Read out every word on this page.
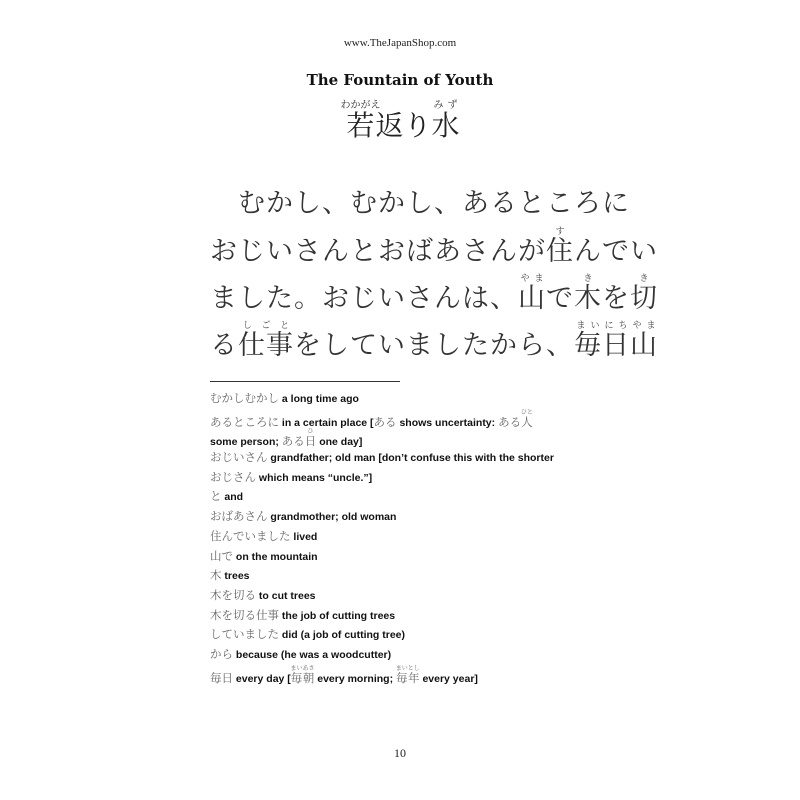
www.TheJapanShop.com
The Fountain of Youth
若わかがえ返り水みず
　むかし、むかし、あるところに
おじいさんとおばあさんが住すんでい
ました。おじいさんは、山やまで木きを切き
る仕事しごとをしていましたから、毎日まいにち山やま
むかしむかし a long time ago
あるところに in a certain place [ある shows uncertainty: ある人ひと
some person; ある日ひ one day]
おじいさん grandfather; old man [don’t confuse this with the shorter
おじさん which means “uncle.”]
と and
おばあさん grandmother; old woman
住んでいました lived
山で on the mountain
木 trees
木を切る to cut trees
木を切る仕事 the job of cutting trees
していました did (a job of cutting tree)
から because (he was a woodcutter)
毎日 every day [毎朝まいあさ every morning; 毎年まいとし every year]
10
